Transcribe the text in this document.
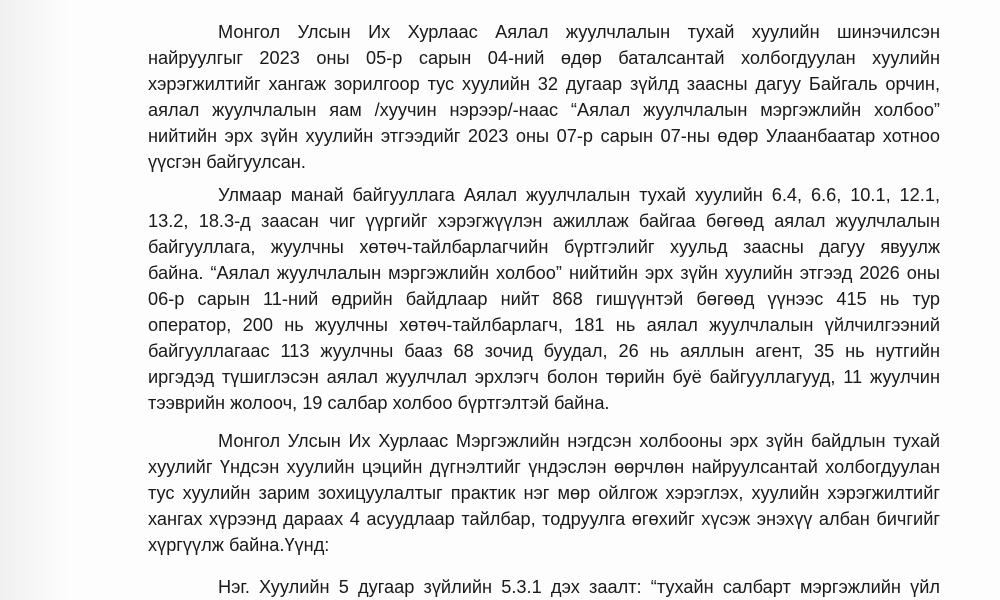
Монгол Улсын Их Хурлаас Аялал жуулчлалын тухай хуулийн шинэчилсэн
найруулгыг 2023 оны 05-р сарын 04-ний өдөр баталсантай холбогдуулан хуулийн
хэрэгжилтийг хангаж зорилгоор тус хуулийн 32 дугаар зүйлд заасны дагуу Байгаль орчин,
аялал жуулчлалын яам /хуучин нэрээр/-наас “Аялал жуулчлалын мэргэжлийн холбоо”
нийтийн эрх зүйн хуулийн этгээдийг 2023 оны 07-р сарын 07-ны өдөр Улаанбаатар хотноо
үүсгэн байгуулсан.
Улмаар манай байгууллага Аялал жуулчлалын тухай хуулийн 6.4, 6.6, 10.1, 12.1,
13.2, 18.3-д заасан чиг үүргийг хэрэгжүүлэн ажиллаж байгаа бөгөөд аялал жуулчлалын
байгууллага, жуулчны хөтөч-тайлбарлагчийн бүртгэлийг хуульд заасны дагуу явуулж
байна. “Аялал жуулчлалын мэргэжлийн холбоо” нийтийн эрх зүйн хуулийн этгээд 2026 оны
06-р сарын 11-ний өдрийн байдлаар нийт 868 гишүүнтэй бөгөөд үүнээс 415 нь тур
оператор, 200 нь жуулчны хөтөч-тайлбарлагч, 181 нь аялал жуулчлалын үйлчилгээний
байгууллагаас 113 жуулчны бааз 68 зочид буудал, 26 нь аяллын агент, 35 нь нутгийн
иргэдэд түшиглэсэн аялал жуулчлал эрхлэгч болон төрийн буё байгууллагууд, 11 жуулчин
тээврийн жолооч, 19 салбар холбоо бүртгэлтэй байна.
Монгол Улсын Их Хурлаас Мэргэжлийн нэгдсэн холбооны эрх зүйн байдлын тухай
хуулийг Үндсэн хуулийн цэцийн дүгнэлтийг үндэслэн өөрчлөн найруулсантай холбогдуулан
тус хуулийн зарим зохицуулалтыг практик нэг мөр ойлгож хэрэглэх, хуулийн хэрэгжилтийг
хангах хүрээнд дараах 4 асуудлаар тайлбар, тодруулга өгөхийг хүсэж энэхүү албан бичгийг
хүргүүлж байна.Үүнд:
Нэг. Хуулийн 5 дугаар зүйлийн 5.3.1 дэх заалт: “тухайн салбарт мэргэжлийн үйл
